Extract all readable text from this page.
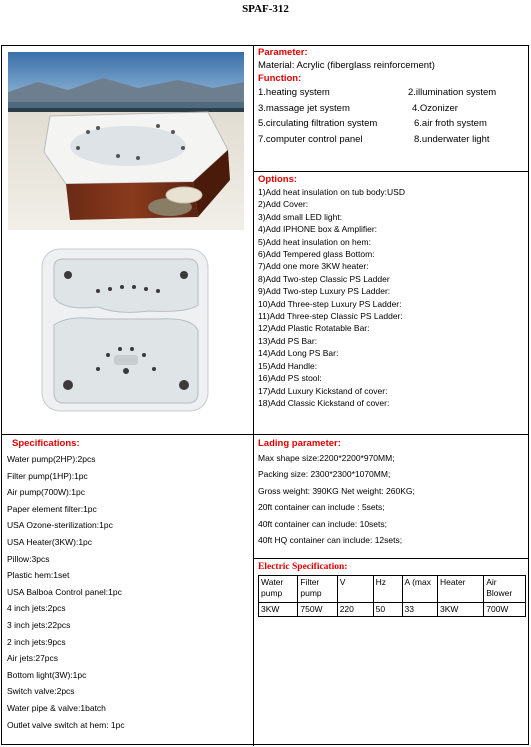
SPAF-312
Parameter:
Material: Acrylic (fiberglass reinforcement)
Function:
1.heating system	2.illumination system
3.massage jet system	4.Ozonizer
5.circulating filtration system	6.air froth system
7.computer control panel	8.underwater light
Options:
1)Add heat insulation on tub body:USD
2)Add Cover:
3)Add small LED light:
4)Add IPHONE box & Amplifier:
5)Add heat insulation on hem:
6)Add Tempered glass Bottom:
7)Add one more 3KW heater:
8)Add Two-step Classic PS Ladder
9)Add Two-step Luxury PS Ladder:
10)Add Three-step Luxury PS Ladder:
11)Add Three-step Classic PS Ladder:
12)Add Plastic Rotatable Bar:
13)Add PS Bar:
14)Add Long PS Bar:
15)Add Handle:
16)Add PS stool:
17)Add Luxury Kickstand of cover:
18)Add Classic Kickstand of cover:
Specifications:
Water pump(2HP):2pcs
Filter pump(1HP):1pc
Air pump(700W):1pc
Paper element filter:1pc
USA Ozone-sterilization:1pc
USA Heater(3KW):1pc
Pillow:3pcs
Plastic hem:1set
USA Balboa Control panel:1pc
4 inch jets:2pcs
3 inch jets:22pcs
2 inch jets:9pcs
Air jets:27pcs
Bottom light(3W):1pc
Switch valve:2pcs
Water pipe & valve:1batch
Outlet valve switch at hem: 1pc
Lading parameter:
Max shape size:2200*2200*970MM;
Packing size: 2300*2300*1070MM;
Gross weight: 390KG Net weight: 260KG;
20ft container can include : 5sets;
40ft container can include: 10sets;
40ft HQ container can include: 12sets;
Electric Specification:
Water pump	Filter pump	V	Hz	A (max	Heater	Air Blower
3KW	750W	220	50	33	3KW	700W
